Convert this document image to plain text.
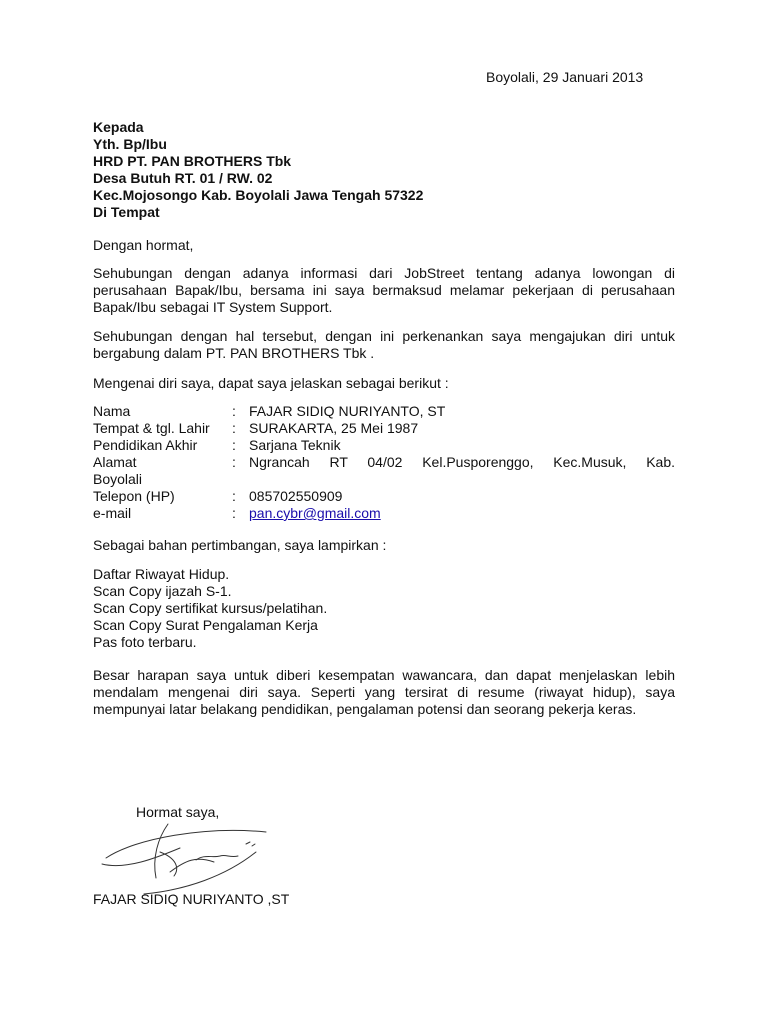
Boyolali, 29 Januari 2013
Kepada
Yth. Bp/Ibu
HRD PT. PAN BROTHERS Tbk
Desa Butuh RT. 01 / RW. 02
Kec.Mojosongo Kab. Boyolali Jawa Tengah 57322
Di Tempat
Dengan hormat,
Sehubungan dengan adanya informasi dari JobStreet tentang adanya lowongan di perusahaan Bapak/Ibu, bersama ini saya bermaksud melamar pekerjaan di perusahaan Bapak/Ibu sebagai IT System Support.
Sehubungan dengan hal tersebut, dengan ini perkenankan saya mengajukan diri untuk bergabung dalam PT. PAN BROTHERS Tbk .
Mengenai diri saya, dapat saya jelaskan sebagai berikut :
Nama	: FAJAR SIDIQ NURIYANTO, ST
Tempat & tgl. Lahir	: SURAKARTA, 25 Mei 1987
Pendidikan Akhir	: Sarjana Teknik
Alamat	: Ngrancah RT 04/02 Kel.Pusporenggo, Kec.Musuk, Kab.
Boyolali
Telepon (HP)	: 085702550909
e-mail	: pan.cybr@gmail.com
Sebagai bahan pertimbangan, saya lampirkan :
Daftar Riwayat Hidup.
Scan Copy ijazah S-1.
Scan Copy sertifikat kursus/pelatihan.
Scan Copy Surat Pengalaman Kerja
Pas foto terbaru.
Besar harapan saya untuk diberi kesempatan wawancara, dan dapat menjelaskan lebih mendalam mengenai diri saya. Seperti yang tersirat di resume (riwayat hidup), saya mempunyai latar belakang pendidikan, pengalaman potensi dan seorang pekerja keras.
Hormat saya,
FAJAR SIDIQ NURIYANTO ,ST
